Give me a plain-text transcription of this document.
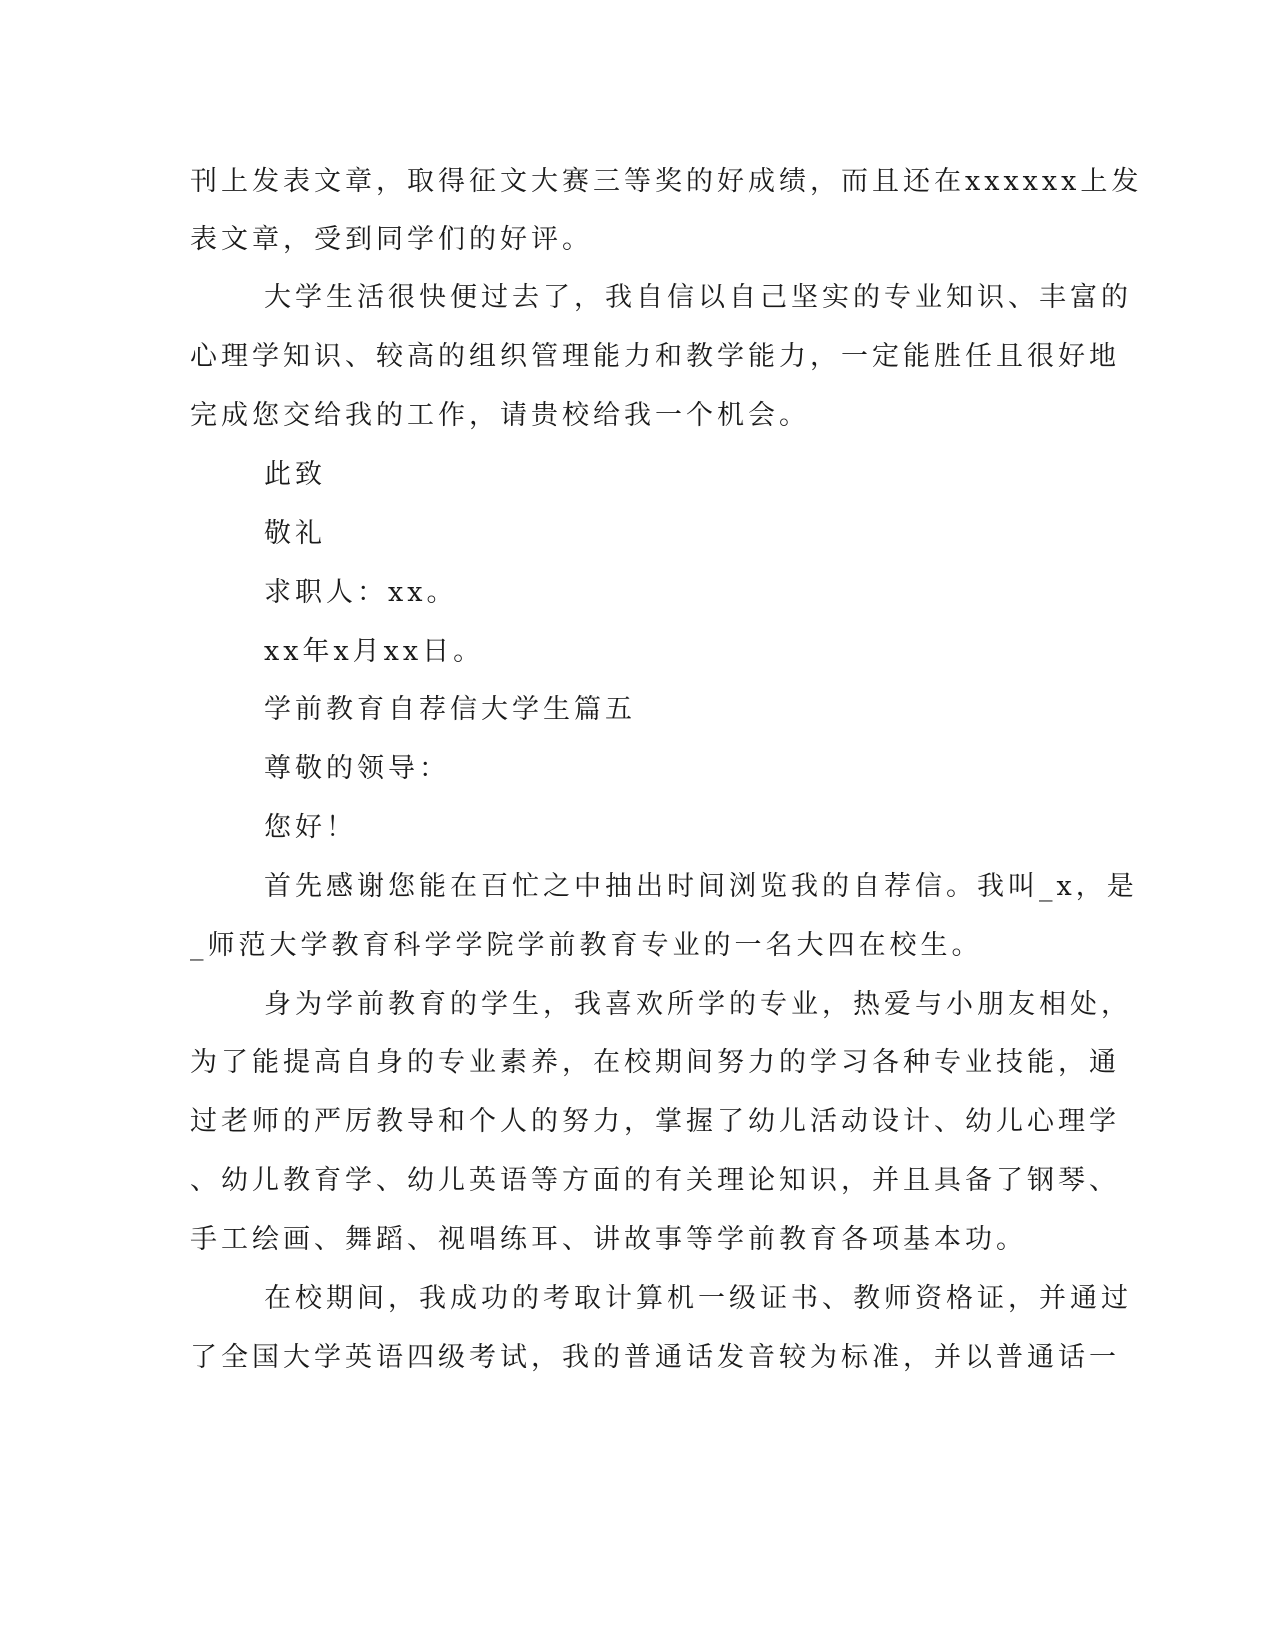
刊上发表文章，取得征文大赛三等奖的好成绩，而且还在xxxxxx上发
表文章，受到同学们的好评。
大学生活很快便过去了，我自信以自己坚实的专业知识、丰富的
心理学知识、较高的组织管理能力和教学能力，一定能胜任且很好地
完成您交给我的工作，请贵校给我一个机会。
此致
敬礼
求职人：xx。
xx年x月xx日。
学前教育自荐信大学生篇五
尊敬的领导：
您好！
首先感谢您能在百忙之中抽出时间浏览我的自荐信。我叫_x，是
_师范大学教育科学学院学前教育专业的一名大四在校生。
身为学前教育的学生，我喜欢所学的专业，热爱与小朋友相处，
为了能提高自身的专业素养，在校期间努力的学习各种专业技能，通
过老师的严厉教导和个人的努力，掌握了幼儿活动设计、幼儿心理学
、幼儿教育学、幼儿英语等方面的有关理论知识，并且具备了钢琴、
手工绘画、舞蹈、视唱练耳、讲故事等学前教育各项基本功。
在校期间，我成功的考取计算机一级证书、教师资格证，并通过
了全国大学英语四级考试，我的普通话发音较为标准，并以普通话一
